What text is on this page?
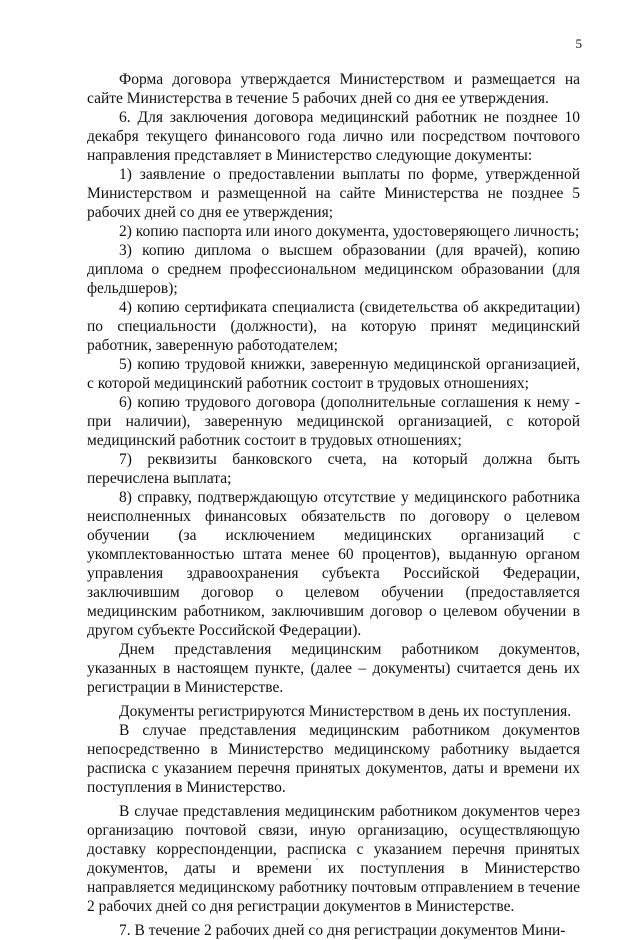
5

Форма договора утверждается Министерством и размещается на сайте Министерства в течение 5 рабочих дней со дня ее утверждения.

6. Для заключения договора медицинский работник не позднее 10 декабря текущего финансового года лично или посредством почтового направления представляет в Министерство следующие документы:

1) заявление о предоставлении выплаты по форме, утвержденной Министерством и размещенной на сайте Министерства не позднее 5 рабочих дней со дня ее утверждения;

2) копию паспорта или иного документа, удостоверяющего личность;

3) копию диплома о высшем образовании (для врачей), копию диплома о среднем профессиональном медицинском образовании (для фельдшеров);

4) копию сертификата специалиста (свидетельства об аккредитации) по специальности (должности), на которую принят медицинский работник, заверенную работодателем;

5) копию трудовой книжки, заверенную медицинской организацией, с которой медицинский работник состоит в трудовых отношениях;

6) копию трудового договора (дополнительные соглашения к нему - при наличии), заверенную медицинской организацией, с которой медицинский работник состоит в трудовых отношениях;

7) реквизиты банковского счета, на который должна быть перечислена выплата;

8) справку, подтверждающую отсутствие у медицинского работника неисполненных финансовых обязательств по договору о целевом обучении (за исключением медицинских организаций с укомплектованностью штата менее 60 процентов), выданную органом управления здравоохранения субъекта Российской Федерации, заключившим договор о целевом обучении (предоставляется медицинским работником, заключившим договор о целевом обучении в другом субъекте Российской Федерации).

Днем представления медицинским работником документов, указанных в настоящем пункте, (далее – документы) считается день их регистрации в Министерстве.

Документы регистрируются Министерством в день их поступления.

В случае представления медицинским работником документов непосредственно в Министерство медицинскому работнику выдается расписка с указанием перечня принятых документов, даты и времени их поступления в Министерство.

В случае представления медицинским работником документов через организацию почтовой связи, иную организацию, осуществляющую доставку корреспонденции, расписка с указанием перечня принятых документов, даты и времени их поступления в Министерство направляется медицинскому работнику почтовым отправлением в течение 2 рабочих дней со дня регистрации документов в Министерстве.

7. В течение 2 рабочих дней со дня регистрации документов Мини-
